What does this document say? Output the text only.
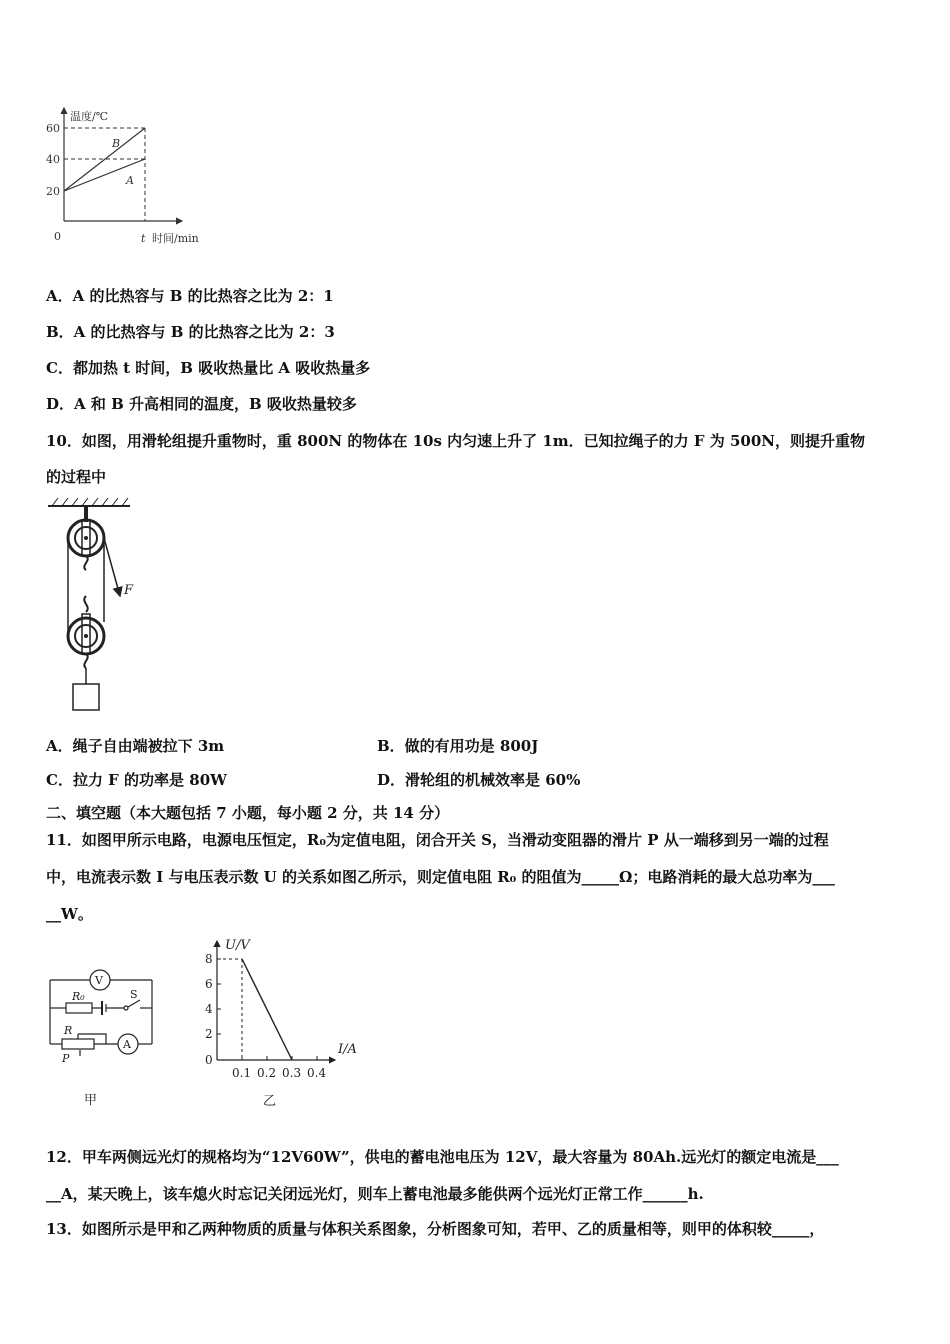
温度/℃
60
40
20
0	t 时间/min
B
A
A．A 的比热容与 B 的比热容之比为 2：1
B．A 的比热容与 B 的比热容之比为 2：3
C．都加热 t 时间，B 吸收热量比 A 吸收热量多
D．A 和 B 升高相同的温度，B 吸收热量较多
10．如图，用滑轮组提升重物时，重 800N 的物体在 10s 内匀速上升了 1m．已知拉绳子的力 F 为 500N，则提升重物
的过程中
F
A．绳子自由端被拉下 3m	B．做的有用功是 800J
C．拉力 F 的功率是 80W	D．滑轮组的机械效率是 60%
二、填空题（本大题包括 7 小题，每小题 2 分，共 14 分）
11．如图甲所示电路，电源电压恒定，R₀为定值电阻，闭合开关 S，当滑动变阻器的滑片 P 从一端移到另一端的过程
中，电流表示数 I 与电压表示数 U 的关系如图乙所示，则定值电阻 R₀ 的阻值为_____Ω；电路消耗的最大总功率为___
__W。
V
A
R₀	S
R
P
甲
U/V
I/A
8
6
4
2
0
0.1 0.2 0.3 0.4
乙
12．甲车两侧远光灯的规格均为“12V60W”，供电的蓄电池电压为 12V，最大容量为 80Ah.远光灯的额定电流是___
__A，某天晚上，该车熄火时忘记关闭远光灯，则车上蓄电池最多能供两个远光灯正常工作______h.
13．如图所示是甲和乙两种物质的质量与体积关系图象，分析图象可知，若甲、乙的质量相等，则甲的体积较_____，
